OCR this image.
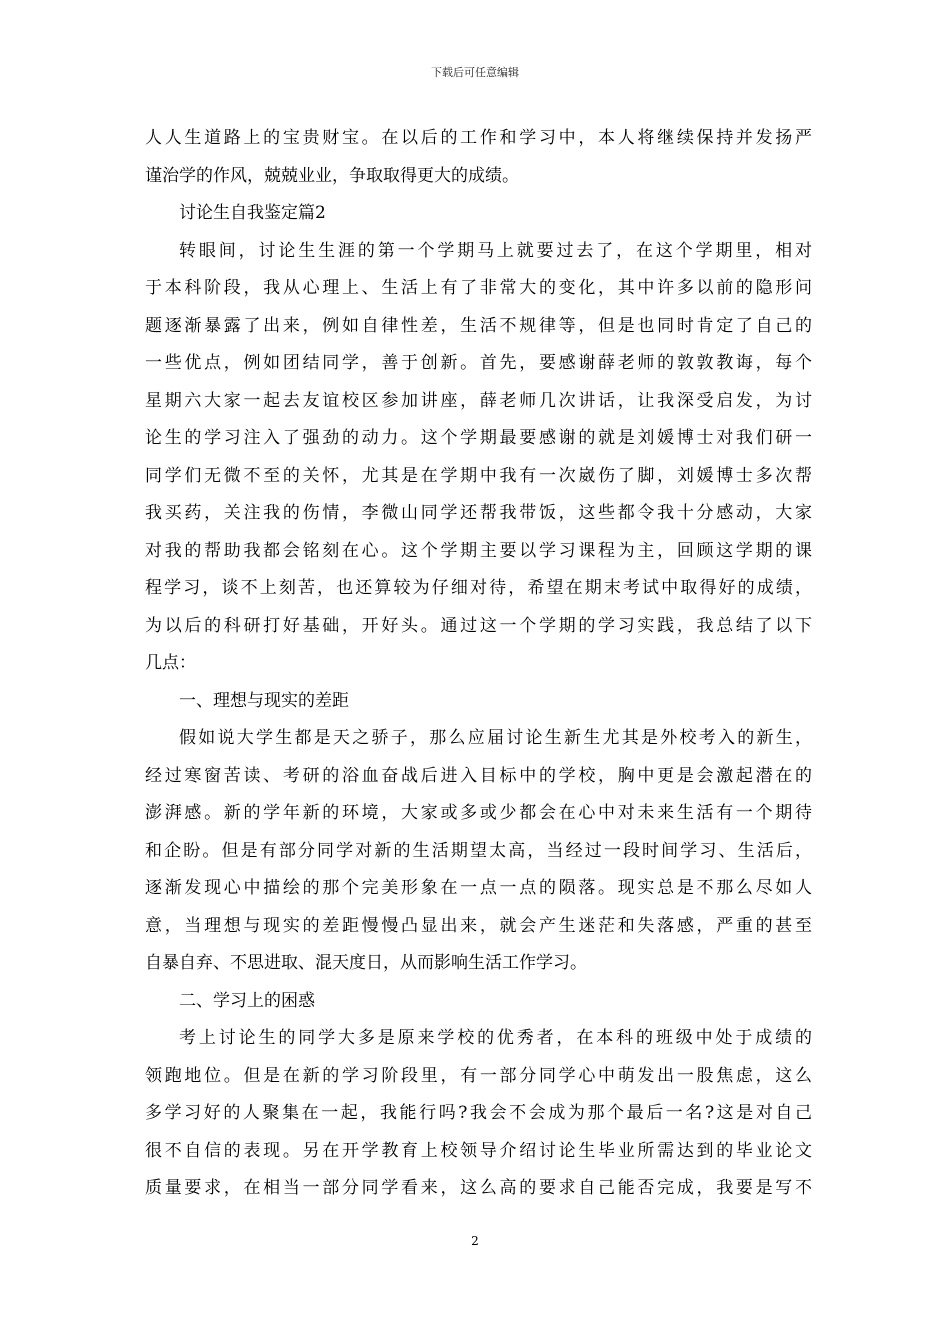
下载后可任意编辑
人人生道路上的宝贵财宝。在以后的工作和学习中，本人将继续保持并发扬严
谨治学的作风，兢兢业业，争取取得更大的成绩。
讨论生自我鉴定篇2
转眼间，讨论生生涯的第一个学期马上就要过去了，在这个学期里，相对
于本科阶段，我从心理上、生活上有了非常大的变化，其中许多以前的隐形问
题逐渐暴露了出来，例如自律性差，生活不规律等，但是也同时肯定了自己的
一些优点，例如团结同学，善于创新。首先，要感谢薛老师的敦敦教诲，每个
星期六大家一起去友谊校区参加讲座，薛老师几次讲话，让我深受启发，为讨
论生的学习注入了强劲的动力。这个学期最要感谢的就是刘媛博士对我们研一
同学们无微不至的关怀，尤其是在学期中我有一次崴伤了脚，刘媛博士多次帮
我买药，关注我的伤情，李微山同学还帮我带饭，这些都令我十分感动，大家
对我的帮助我都会铭刻在心。这个学期主要以学习课程为主，回顾这学期的课
程学习，谈不上刻苦，也还算较为仔细对待，希望在期末考试中取得好的成绩，
为以后的科研打好基础，开好头。通过这一个学期的学习实践，我总结了以下
几点：
一、理想与现实的差距
假如说大学生都是天之骄子，那么应届讨论生新生尤其是外校考入的新生，
经过寒窗苦读、考研的浴血奋战后进入目标中的学校，胸中更是会激起潜在的
澎湃感。新的学年新的环境，大家或多或少都会在心中对未来生活有一个期待
和企盼。但是有部分同学对新的生活期望太高，当经过一段时间学习、生活后，
逐渐发现心中描绘的那个完美形象在一点一点的陨落。现实总是不那么尽如人
意，当理想与现实的差距慢慢凸显出来，就会产生迷茫和失落感，严重的甚至
自暴自弃、不思进取、混天度日，从而影响生活工作学习。
二、学习上的困惑
考上讨论生的同学大多是原来学校的优秀者，在本科的班级中处于成绩的
领跑地位。但是在新的学习阶段里，有一部分同学心中萌发出一股焦虑，这么
多学习好的人聚集在一起，我能行吗?我会不会成为那个最后一名?这是对自己
很不自信的表现。另在开学教育上校领导介绍讨论生毕业所需达到的毕业论文
质量要求，在相当一部分同学看来，这么高的要求自己能否完成，我要是写不
2
